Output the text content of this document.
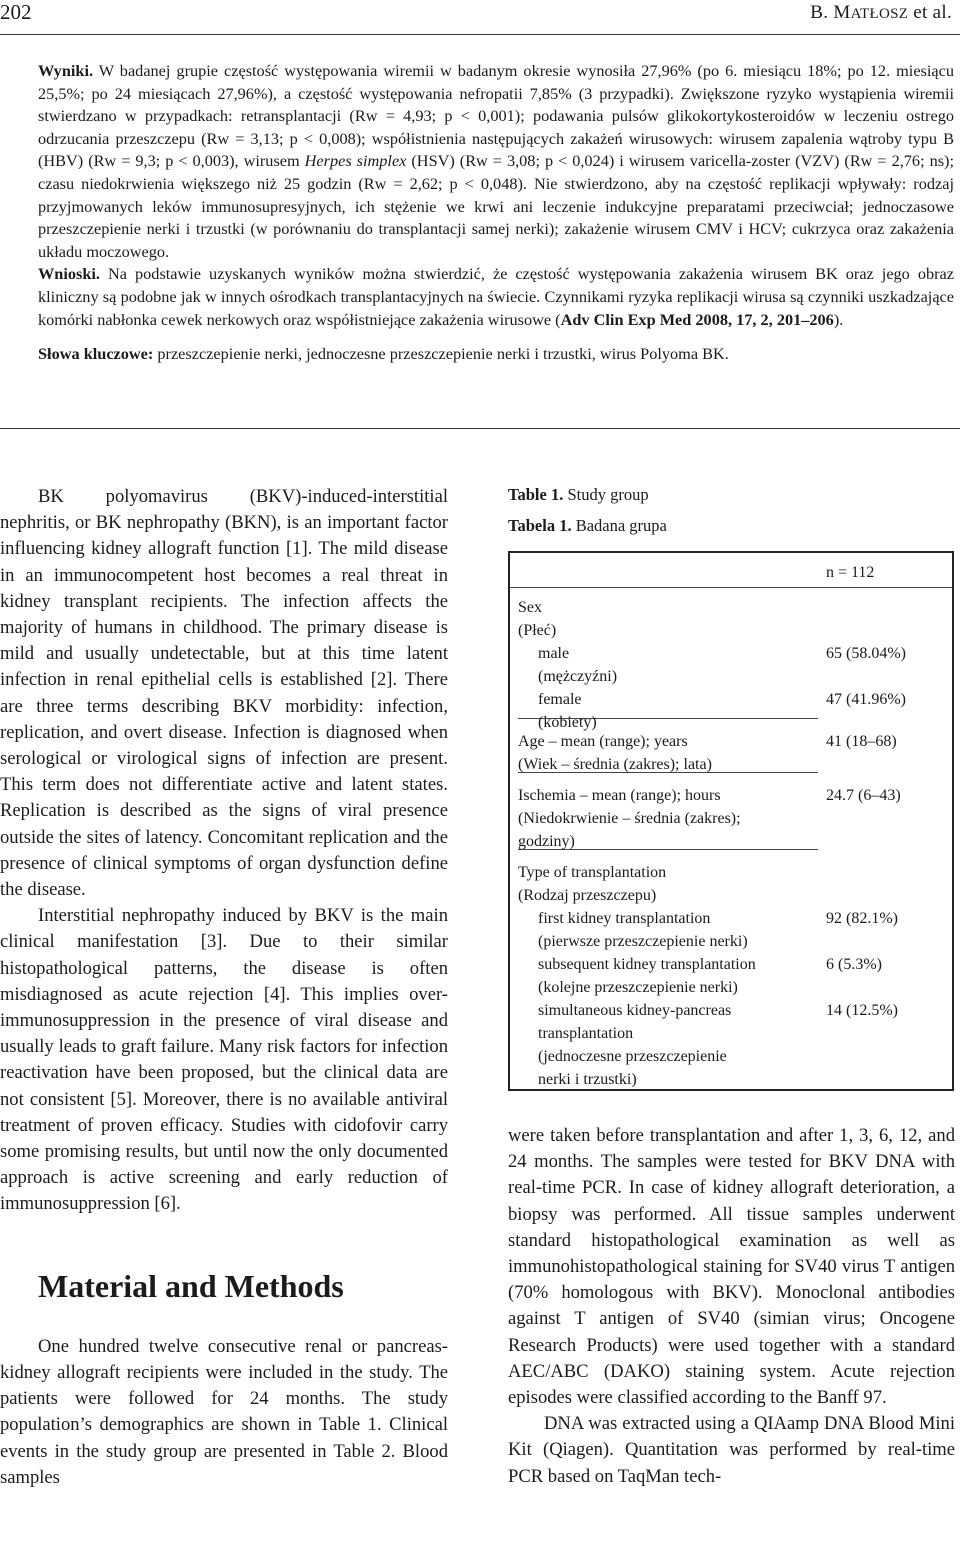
202	B. MATŁOSZ et al.

Wyniki. W badanej grupie częstość występowania wiremii w badanym okresie wynosiła 27,96% (po 6. miesiącu 18%; po 12. miesiącu 25,5%; po 24 miesiącach 27,96%), a częstość występowania nefropatii 7,85% (3 przypadki). Zwiększone ryzyko wystąpienia wiremii stwierdzano w przypadkach: retransplantacji (Rw = 4,93; p < 0,001); podawania pulsów glikokortykosteroidów w leczeniu ostrego odrzucania przeszczepu (Rw = 3,13; p < 0,008); współistnienia następujących zakażeń wirusowych: wirusem zapalenia wątroby typu B (HBV) (Rw = 9,3; p < 0,003), wirusem Herpes simplex (HSV) (Rw = 3,08; p < 0,024) i wirusem varicella-zoster (VZV) (Rw = 2,76; ns); czasu niedokrwienia większego niż 25 godzin (Rw = 2,62; p < 0,048). Nie stwierdzono, aby na częstość replikacji wpływały: rodzaj przyjmowanych leków immunosupresyjnych, ich stężenie we krwi ani leczenie indukcyjne preparatami przeciwciał; jednoczasowe przeszczepienie nerki i trzustki (w porównaniu do transplantacji samej nerki); zakażenie wirusem CMV i HCV; cukrzyca oraz zakażenia układu moczowego.

Wnioski. Na podstawie uzyskanych wyników można stwierdzić, że częstość występowania zakażenia wirusem BK oraz jego obraz kliniczny są podobne jak w innych ośrodkach transplantacyjnych na świecie. Czynnikami ryzyka replikacji wirusa są czynniki uszkadzające komórki nabłonka cewek nerkowych oraz współistniejące zakażenia wirusowe (Adv Clin Exp Med 2008, 17, 2, 201–206).

Słowa kluczowe: przeszczepienie nerki, jednoczesne przeszczepienie nerki i trzustki, wirus Polyoma BK.

BK polyomavirus (BKV)-induced-interstitial nephritis, or BK nephropathy (BKN), is an important factor influencing kidney allograft function [1]. The mild disease in an immunocompetent host becomes a real threat in kidney transplant recipients. The infection affects the majority of humans in childhood. The primary disease is mild and usually undetectable, but at this time latent infection in renal epithelial cells is established [2]. There are three terms describing BKV morbidity: infection, replication, and overt disease. Infection is diagnosed when serological or virological signs of infection are present. This term does not differentiate active and latent states. Replication is described as the signs of viral presence outside the sites of latency. Concomitant replication and the presence of clinical symptoms of organ dysfunction define the disease.

Interstitial nephropathy induced by BKV is the main clinical manifestation [3]. Due to their similar histopathological patterns, the disease is often misdiagnosed as acute rejection [4]. This implies over-immunosuppression in the presence of viral disease and usually leads to graft failure. Many risk factors for infection reactivation have been proposed, but the clinical data are not consistent [5]. Moreover, there is no available antiviral treatment of proven efficacy. Studies with cidofovir carry some promising results, but until now the only documented approach is active screening and early reduction of immunosuppression [6].

Material and Methods

One hundred twelve consecutive renal or pancreas-kidney allograft recipients were included in the study. The patients were followed for 24 months. The study population’s demographics are shown in Table 1. Clinical events in the study group are presented in Table 2. Blood samples

Table 1. Study group

Tabela 1. Badana grupa

n = 112
Sex
(Płeć)
male	65 (58.04%)
(mężczyźni)
female	47 (41.96%)
(kobiety)
Age – mean (range); years	41 (18–68)
(Wiek – średnia (zakres); lata)
Ischemia – mean (range); hours	24.7 (6–43)
(Niedokrwienie – średnia (zakres);
godziny)
Type of transplantation
(Rodzaj przeszczepu)
first kidney transplantation	92 (82.1%)
(pierwsze przeszczepienie nerki)
subsequent kidney transplantation	6 (5.3%)
(kolejne przeszczepienie nerki)
simultaneous kidney-pancreas	14 (12.5%)
transplantation
(jednoczesne przeszczepienie
nerki i trzustki)

were taken before transplantation and after 1, 3, 6, 12, and 24 months. The samples were tested for BKV DNA with real-time PCR. In case of kidney allograft deterioration, a biopsy was performed. All tissue samples underwent standard histopathological examination as well as immunohistopathological staining for SV40 virus T antigen (70% homologous with BKV). Monoclonal antibodies against T antigen of SV40 (simian virus; Oncogene Research Products) were used together with a standard AEC/ABC (DAKO) staining system. Acute rejection episodes were classified according to the Banff 97.

DNA was extracted using a QIAamp DNA Blood Mini Kit (Qiagen). Quantitation was performed by real-time PCR based on TaqMan tech-
